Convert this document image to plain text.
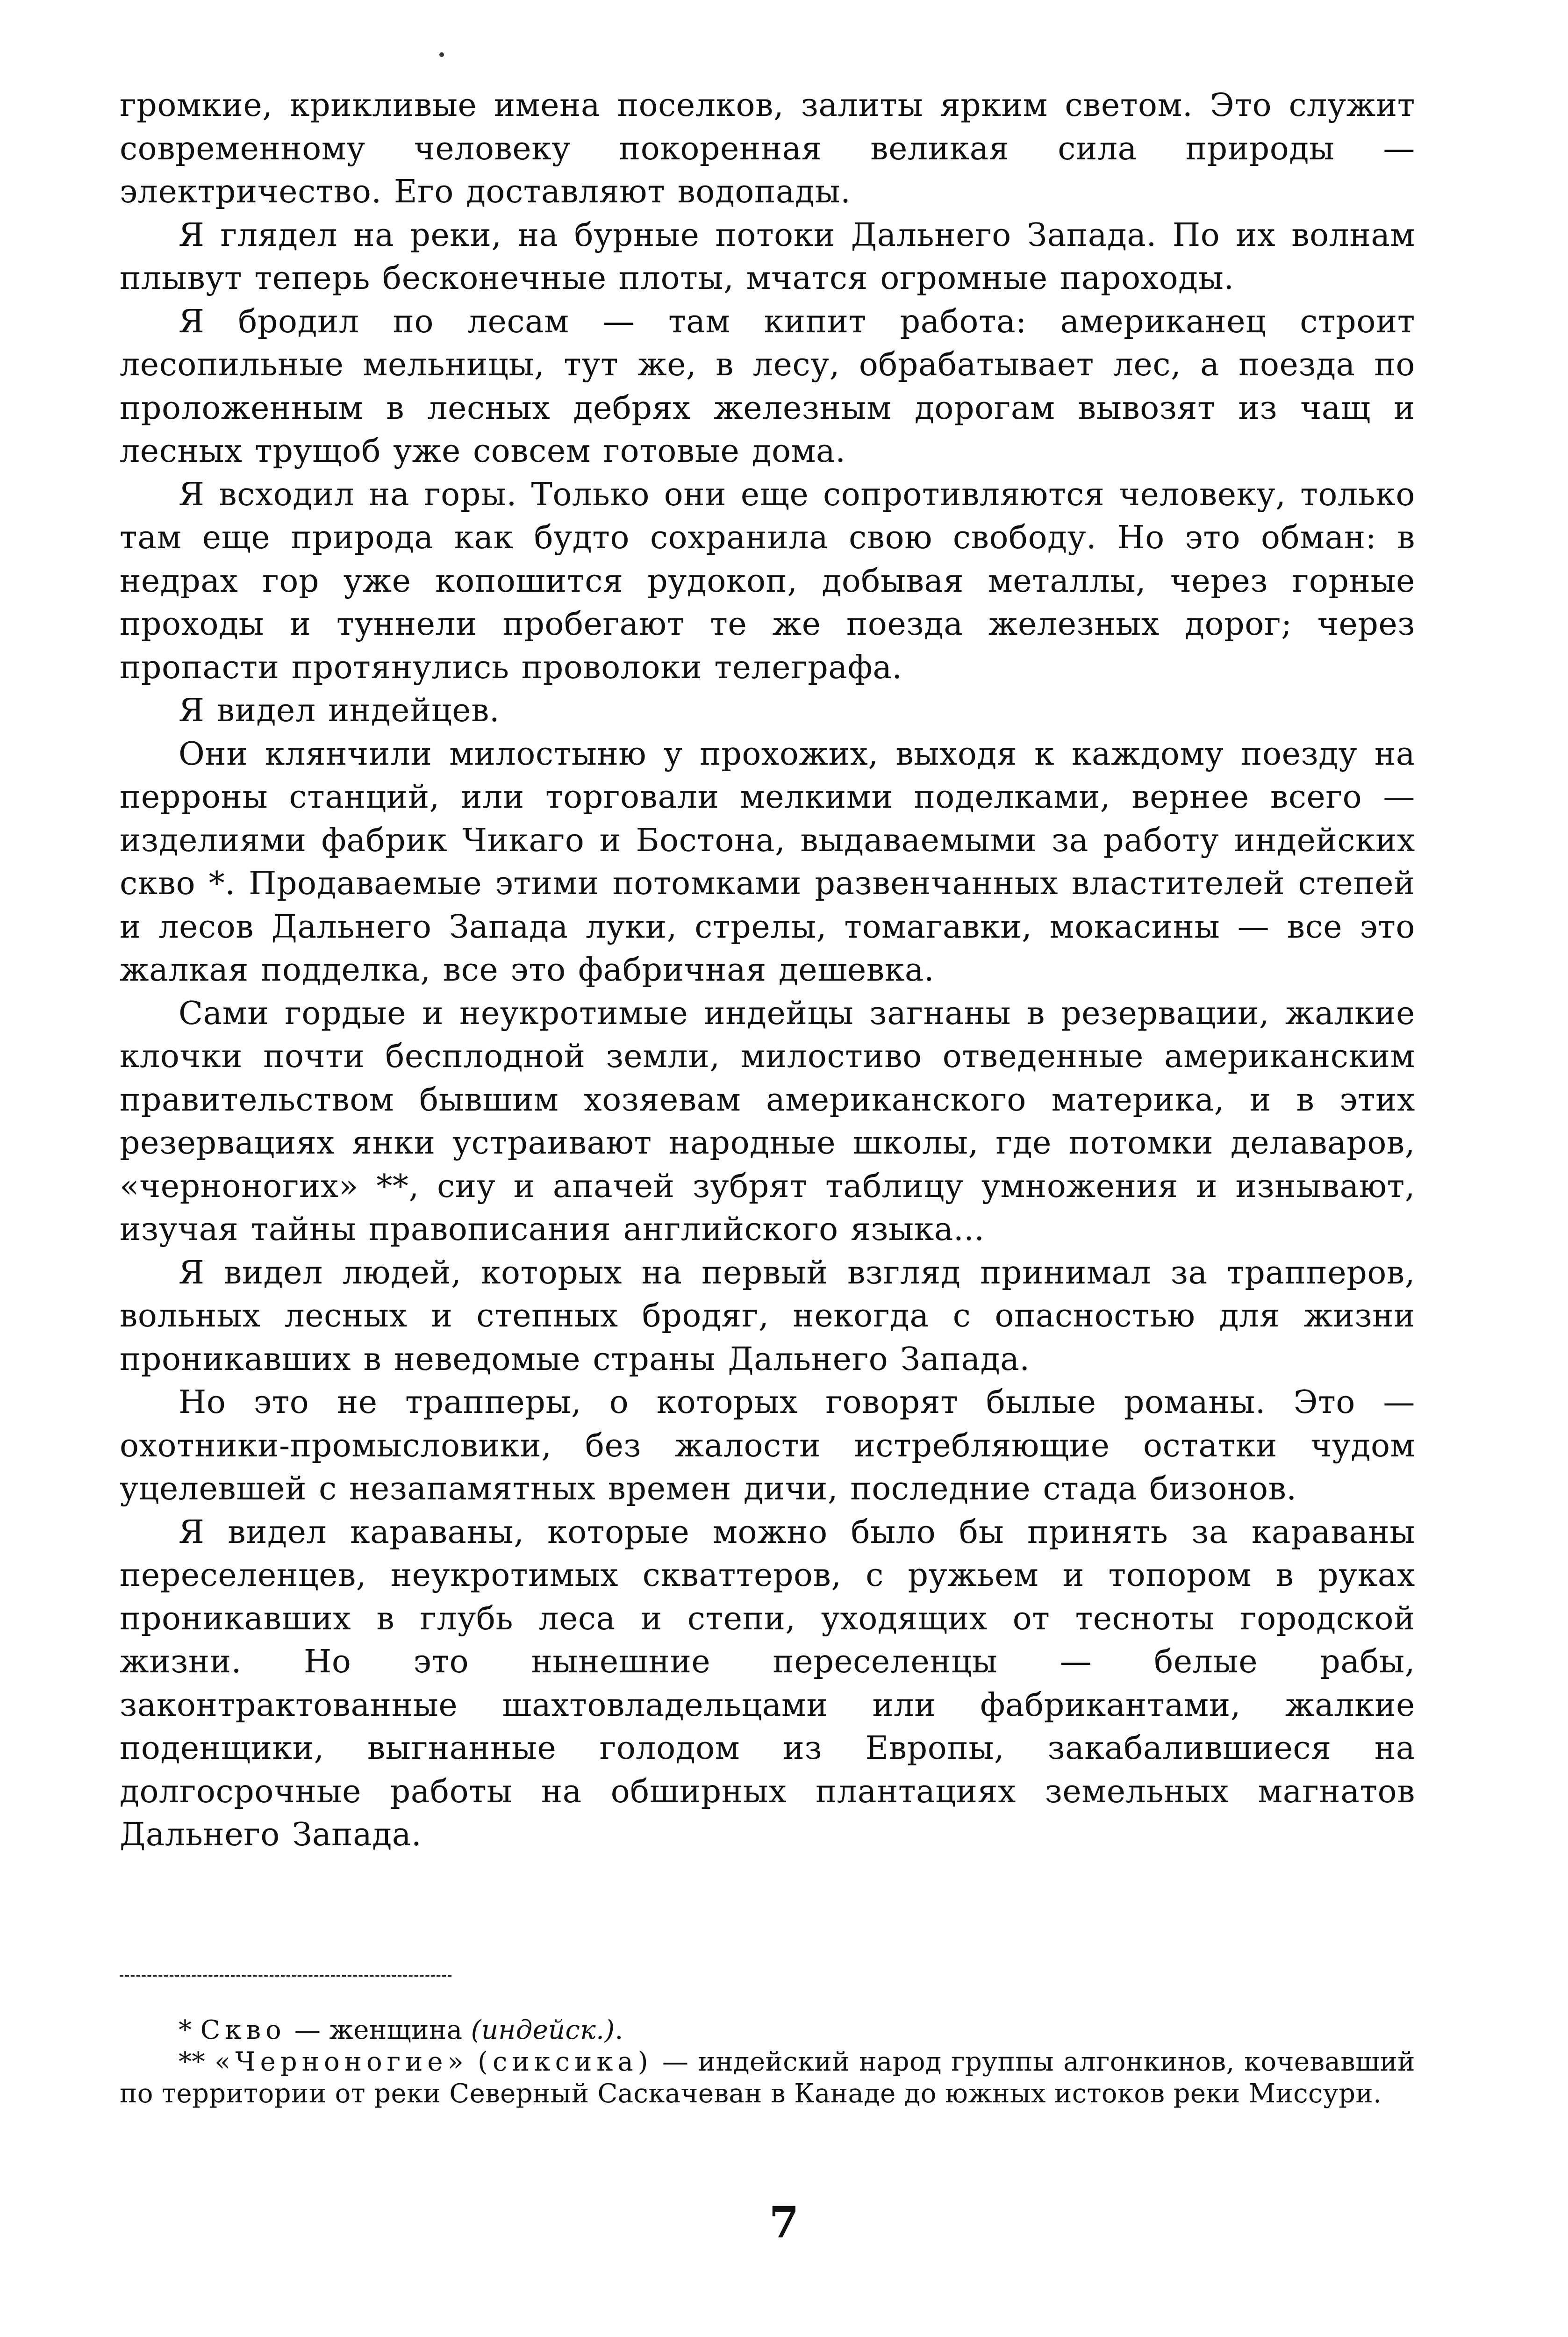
громкие, крикливые имена поселков, залиты ярким светом. Это служит современному человеку покоренная великая сила природы — электричество. Его доставляют водопады.

Я глядел на реки, на бурные потоки Дальнего Запада. По их волнам плывут теперь бесконечные плоты, мчатся огромные пароходы.

Я бродил по лесам — там кипит работа: американец строит лесопильные мельницы, тут же, в лесу, обрабатывает лес, а поезда по проложенным в лесных дебрях железным дорогам вывозят из чащ и лесных трущоб уже совсем готовые дома.

Я всходил на горы. Только они еще сопротивляются человеку, только там еще природа как будто сохранила свою свободу. Но это обман: в недрах гор уже копошится рудокоп, добывая металлы, через горные проходы и туннели пробегают те же поезда железных дорог; через пропасти протянулись проволоки телеграфа.

Я видел индейцев.

Они клянчили милостыню у прохожих, выходя к каждому поезду на перроны станций, или торговали мелкими поделками, вернее всего — изделиями фабрик Чикаго и Бостона, выдаваемыми за работу индейских скво *. Продаваемые этими потомками развенчанных властителей степей и лесов Дальнего Запада луки, стрелы, томагавки, мокасины — все это жалкая подделка, все это фабричная дешевка.

Сами гордые и неукротимые индейцы загнаны в резервации, жалкие клочки почти бесплодной земли, милостиво отведенные американским правительством бывшим хозяевам американского материка, и в этих резервациях янки устраивают народные школы, где потомки делаваров, «черноногих» **, сиу и апачей зубрят таблицу умножения и изнывают, изучая тайны правописания английского языка...

Я видел людей, которых на первый взгляд принимал за трапперов, вольных лесных и степных бродяг, некогда с опасностью для жизни проникавших в неведомые страны Дальнего Запада.

Но это не трапперы, о которых говорят былые романы. Это — охотники-промысловики, без жалости истребляющие остатки чудом уцелевшей с незапамятных времен дичи, последние стада бизонов.

Я видел караваны, которые можно было бы принять за караваны переселенцев, неукротимых скваттеров, с ружьем и топором в руках проникавших в глубь леса и степи, уходящих от тесноты городской жизни. Но это нынешние переселенцы — белые рабы, законтрактованные шахтовладельцами или фабрикантами, жалкие поденщики, выгнанные голодом из Европы, закабалившиеся на долгосрочные работы на обширных плантациях земельных магнатов Дальнего Запада.

* Скво — женщина (индейск.).

** «Черноногие» (сиксика) — индейский народ группы алгонкинов, кочевавший по территории от реки Северный Саскачеван в Канаде до южных истоков реки Миссури.

7
